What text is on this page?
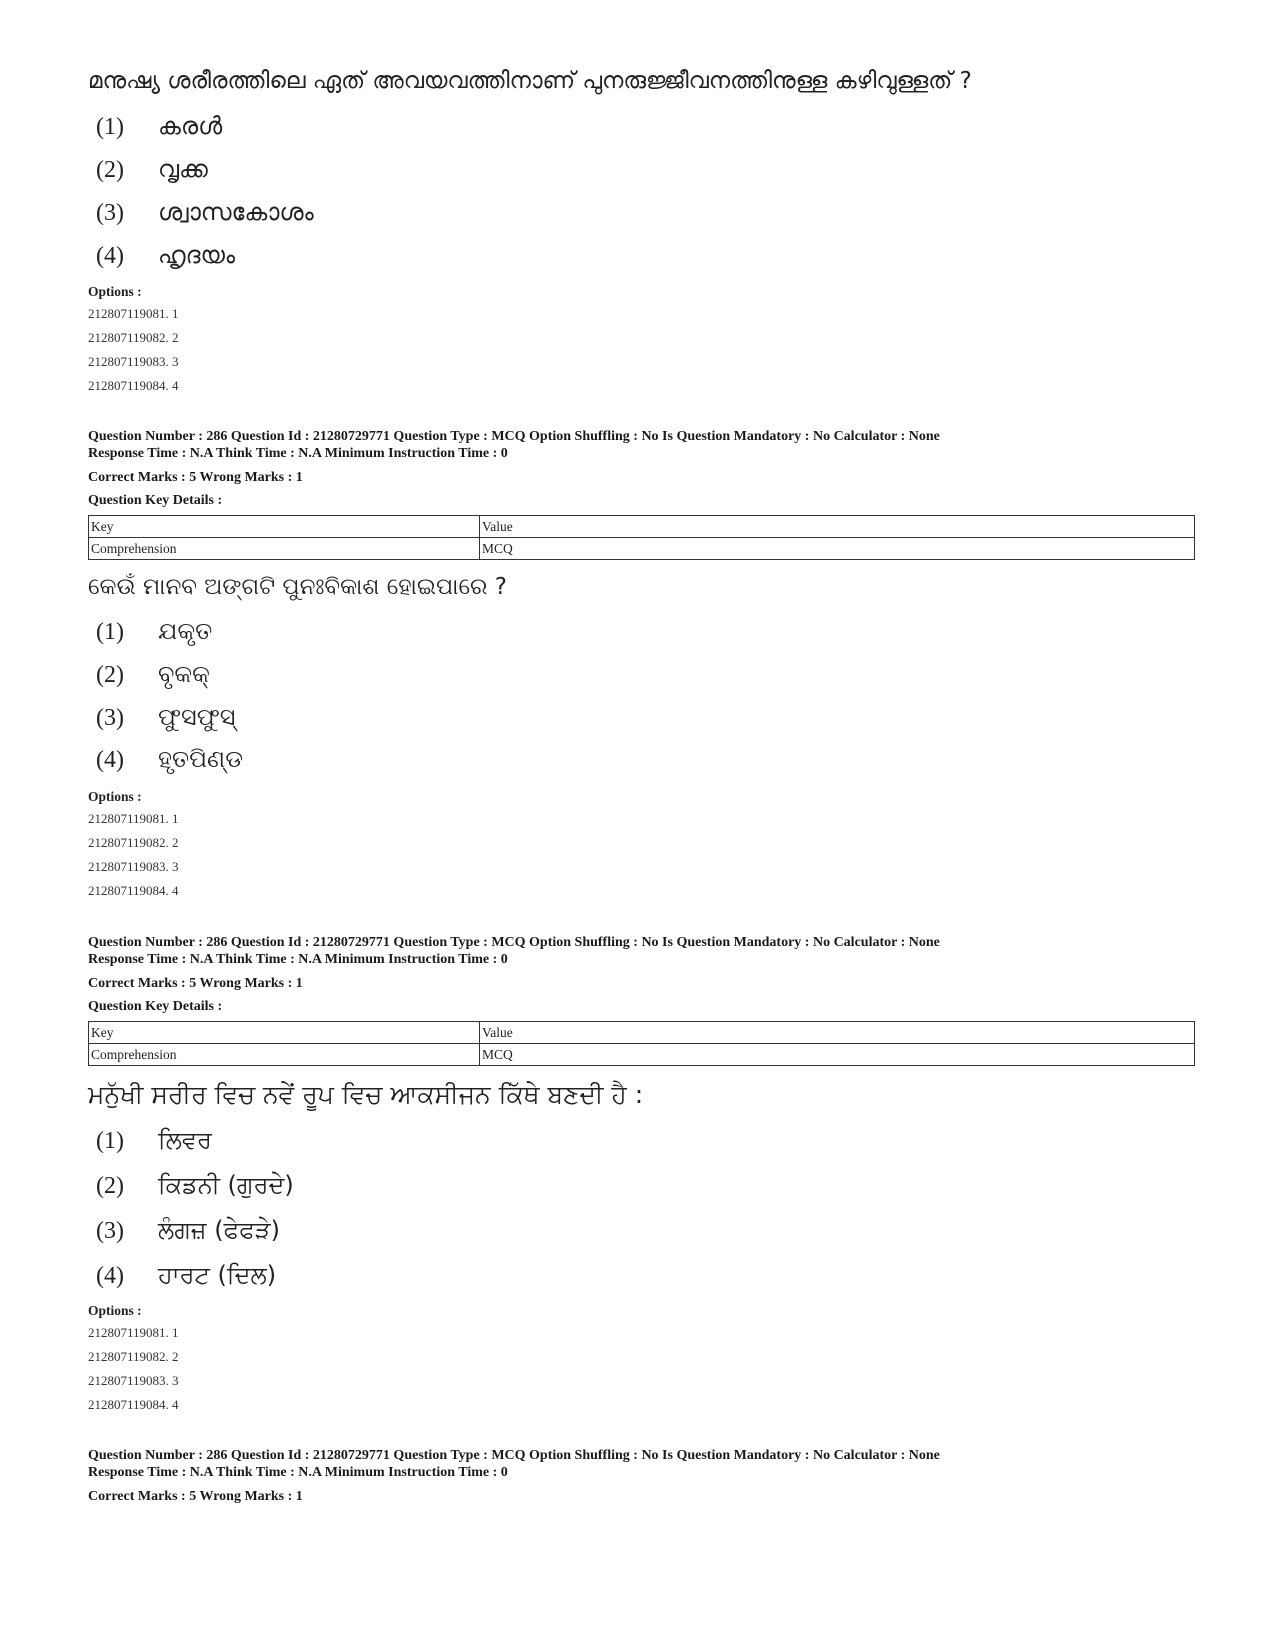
മനുഷ്യ ശരീരത്തിലെ ഏത് അവയവത്തിനാണ് പുനരുജ്ജീവനത്തിനുള്ള കഴിവുള്ളത് ?
(1) കരൾ
(2) വൃക്ക
(3) ശ്വാസകോശം
(4) ഹൃദയം
Options :
212807119081. 1
212807119082. 2
212807119083. 3
212807119084. 4
Question Number : 286 Question Id : 21280729771 Question Type : MCQ Option Shuffling : No Is Question Mandatory : No Calculator : None
Response Time : N.A Think Time : N.A Minimum Instruction Time : 0
Correct Marks : 5 Wrong Marks : 1
Question Key Details :
Key	Value
Comprehension	MCQ
କେଉଁ ମାନବ ଅଙ୍ଗଟି ପୁନଃବିକାଶ ହୋଇପାରେ ?
(1) ଯକୃତ
(2) ବୃକକ୍
(3) ଫୁସଫୁସ୍
(4) ହୃତପିଣ୍ଡ
Options :
212807119081. 1
212807119082. 2
212807119083. 3
212807119084. 4
Question Number : 286 Question Id : 21280729771 Question Type : MCQ Option Shuffling : No Is Question Mandatory : No Calculator : None
Response Time : N.A Think Time : N.A Minimum Instruction Time : 0
Correct Marks : 5 Wrong Marks : 1
Question Key Details :
Key	Value
Comprehension	MCQ
ਮਨੁੱਖੀ ਸਰੀਰ ਵਿਚ ਨਵੇਂ ਰੂਪ ਵਿਚ ਆਕਸੀਜਨ ਕਿੱਥੇ ਬਣਦੀ ਹੈ :
(1) ਲਿਵਰ
(2) ਕਿਡਨੀ (ਗੁਰਦੇ)
(3) ਲੰਗਜ਼ (ਫੇਫੜੇ)
(4) ਹਾਰਟ (ਦਿਲ)
Options :
212807119081. 1
212807119082. 2
212807119083. 3
212807119084. 4
Question Number : 286 Question Id : 21280729771 Question Type : MCQ Option Shuffling : No Is Question Mandatory : No Calculator : None
Response Time : N.A Think Time : N.A Minimum Instruction Time : 0
Correct Marks : 5 Wrong Marks : 1
